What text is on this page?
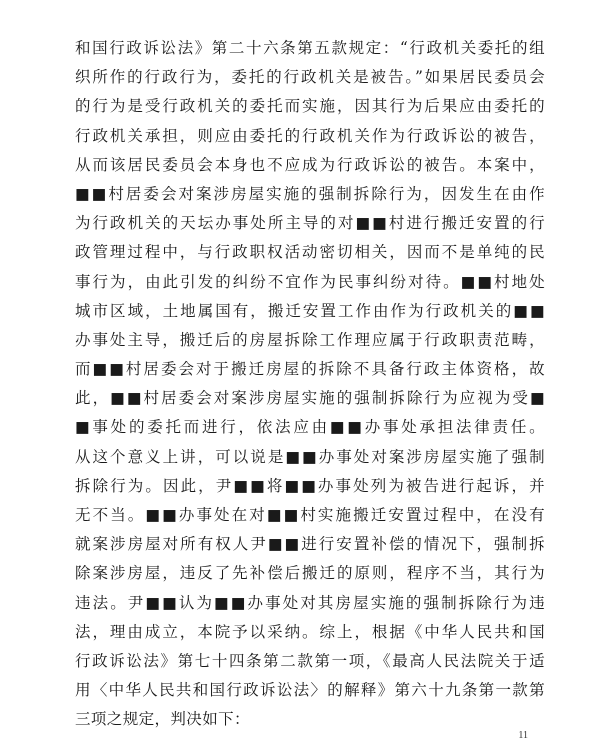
和国行政诉讼法》第二十六条第五款规定：“行政机关委托的组
织所作的行政行为，委托的行政机关是被告。”如果居民委员会
的行为是受行政机关的委托而实施，因其行为后果应由委托的
行政机关承担，则应由委托的行政机关作为行政诉讼的被告，
从而该居民委员会本身也不应成为行政诉讼的被告。本案中，
■■村居委会对案涉房屋实施的强制拆除行为，因发生在由作
为行政机关的天坛办事处所主导的对■■村进行搬迁安置的行
政管理过程中，与行政职权活动密切相关，因而不是单纯的民
事行为，由此引发的纠纷不宜作为民事纠纷对待。■■村地处
城市区域，土地属国有，搬迁安置工作由作为行政机关的■■
办事处主导，搬迁后的房屋拆除工作理应属于行政职责范畴，
而■■村居委会对于搬迁房屋的拆除不具备行政主体资格，故
此，■■村居委会对案涉房屋实施的强制拆除行为应视为受■
■事处的委托而进行，依法应由■■办事处承担法律责任。
从这个意义上讲，可以说是■■办事处对案涉房屋实施了强制
拆除行为。因此，尹■■将■■办事处列为被告进行起诉，并
无不当。■■办事处在对■■村实施搬迁安置过程中，在没有
就案涉房屋对所有权人尹■■进行安置补偿的情况下，强制拆
除案涉房屋，违反了先补偿后搬迁的原则，程序不当，其行为
违法。尹■■认为■■办事处对其房屋实施的强制拆除行为违
法，理由成立，本院予以采纳。综上，根据《中华人民共和国
行政诉讼法》第七十四条第二款第一项，《最高人民法院关于适
用〈中华人民共和国行政诉讼法〉的解释》第六十九条第一款第
三项之规定，判决如下：
11
